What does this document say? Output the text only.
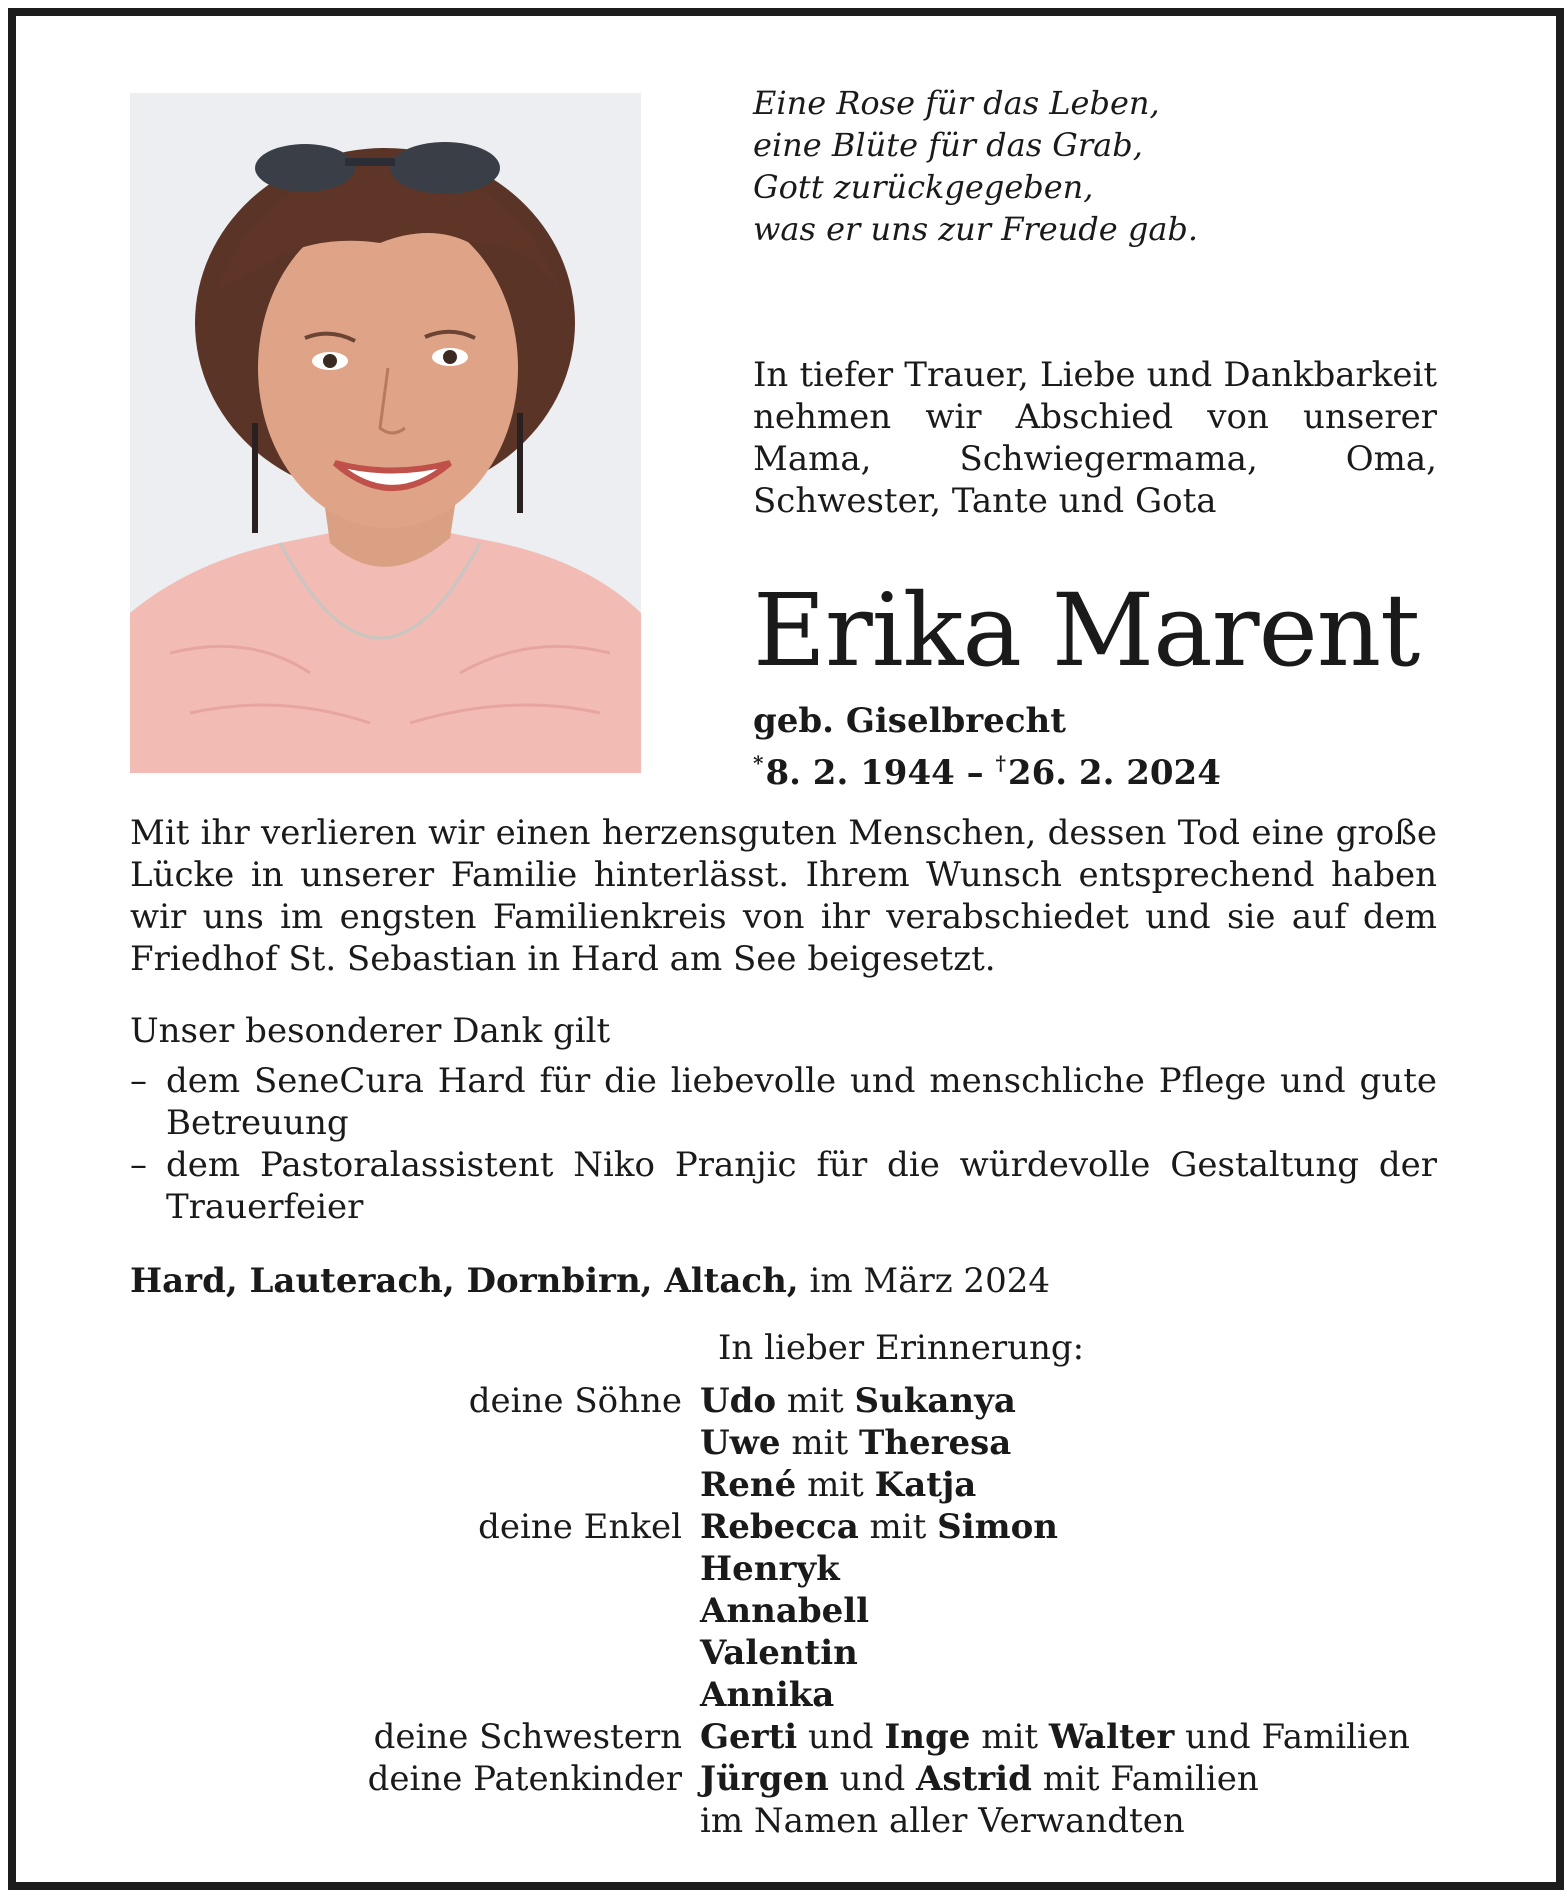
Eine Rose für das Leben,
eine Blüte für das Grab,
Gott zurückgegeben,
was er uns zur Freude gab.
In tiefer Trauer, Liebe und Dankbarkeit nehmen wir Abschied von unserer Mama, Schwiegermama, Oma, Schwester, Tante und Gota
Erika Marent
geb. Giselbrecht
*8. 2. 1944 – †26. 2. 2024
Mit ihr verlieren wir einen herzensguten Menschen, dessen Tod eine große Lücke in unserer Familie hinterlässt. Ihrem Wunsch entsprechend haben wir uns im engsten Familienkreis von ihr verabschiedet und sie auf dem Friedhof St. Sebastian in Hard am See beigesetzt.
Unser besonderer Dank gilt
– dem SeneCura Hard für die liebevolle und menschliche Pflege und gute Betreuung
– dem Pastoralassistent Niko Pranjic für die würdevolle Gestaltung der Trauerfeier
Hard, Lauterach, Dornbirn, Altach, im März 2024
In lieber Erinnerung:
deine Söhne Udo mit Sukanya
Uwe mit Theresa
René mit Katja
deine Enkel Rebecca mit Simon
Henryk
Annabell
Valentin
Annika
deine Schwestern Gerti und Inge mit Walter und Familien
deine Patenkinder Jürgen und Astrid mit Familien
im Namen aller Verwandten
